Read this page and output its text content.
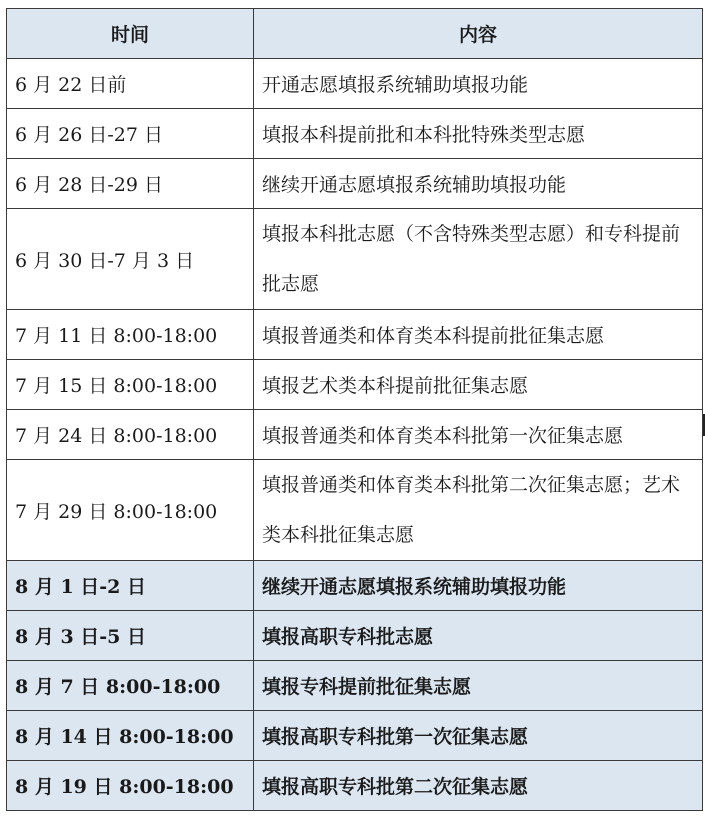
时间	内容
6 月 22 日前	开通志愿填报系统辅助填报功能
6 月 26 日-27 日	填报本科提前批和本科批特殊类型志愿
6 月 28 日-29 日	继续开通志愿填报系统辅助填报功能
6 月 30 日-7 月 3 日	填报本科批志愿（不含特殊类型志愿）和专科提前批志愿
7 月 11 日 8:00-18:00	填报普通类和体育类本科提前批征集志愿
7 月 15 日 8:00-18:00	填报艺术类本科提前批征集志愿
7 月 24 日 8:00-18:00	填报普通类和体育类本科批第一次征集志愿
7 月 29 日 8:00-18:00	填报普通类和体育类本科批第二次征集志愿；艺术类本科批征集志愿
8 月 1 日-2 日	继续开通志愿填报系统辅助填报功能
8 月 3 日-5 日	填报高职专科批志愿
8 月 7 日 8:00-18:00	填报专科提前批征集志愿
8 月 14 日 8:00-18:00	填报高职专科批第一次征集志愿
8 月 19 日 8:00-18:00	填报高职专科批第二次征集志愿
